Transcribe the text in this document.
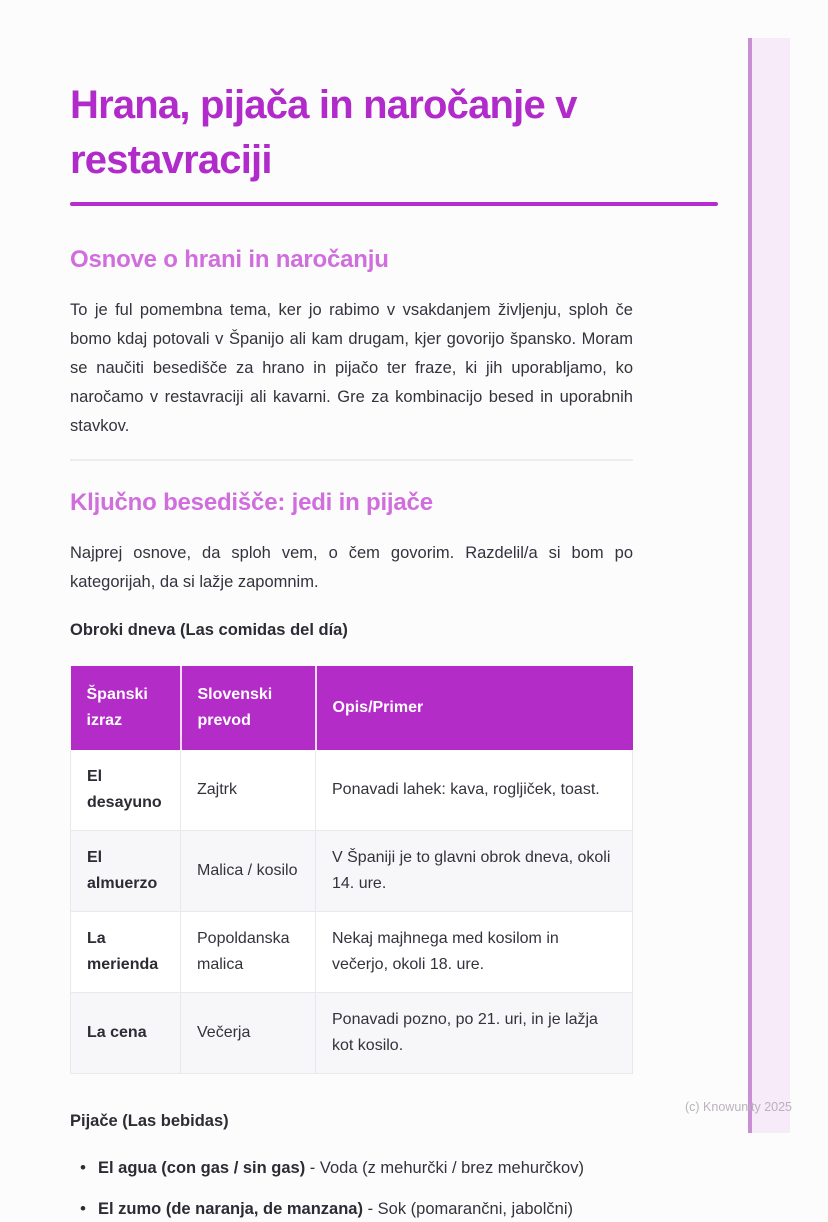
(c) Knowunity 2025
Hrana, pijača in naročanje v restavraciji
Osnove o hrani in naročanju

To je ful pomembna tema, ker jo rabimo v vsakdanjem življenju, sploh če bomo kdaj potovali v Španijo ali kam drugam, kjer govorijo špansko. Moram se naučiti besedišče za hrano in pijačo ter fraze, ki jih uporabljamo, ko naročamo v restavraciji ali kavarni. Gre za kombinacijo besed in uporabnih stavkov.

Ključno besedišče: jedi in pijače

Najprej osnove, da sploh vem, o čem govorim. Razdelil/a si bom po kategorijah, da si lažje zapomnim.

Obroki dneva (Las comidas del día)
Španski izraz	Slovenski prevod	Opis/Primer
El desayuno	Zajtrk	Ponavadi lahek: kava, rogljiček, toast.
El almuerzo	Malica / kosilo	V Španiji je to glavni obrok dneva, okoli 14. ure.
La merienda	Popoldanska malica	Nekaj majhnega med kosilom in večerjo, okoli 18. ure.
La cena	Večerja	Ponavadi pozno, po 21. uri, in je lažja kot kosilo.
Pijače (Las bebidas)
• El agua (con gas / sin gas) - Voda (z mehurčki / brez mehurčkov)
• El zumo (de naranja, de manzana) - Sok (pomarančni, jabolčni)
